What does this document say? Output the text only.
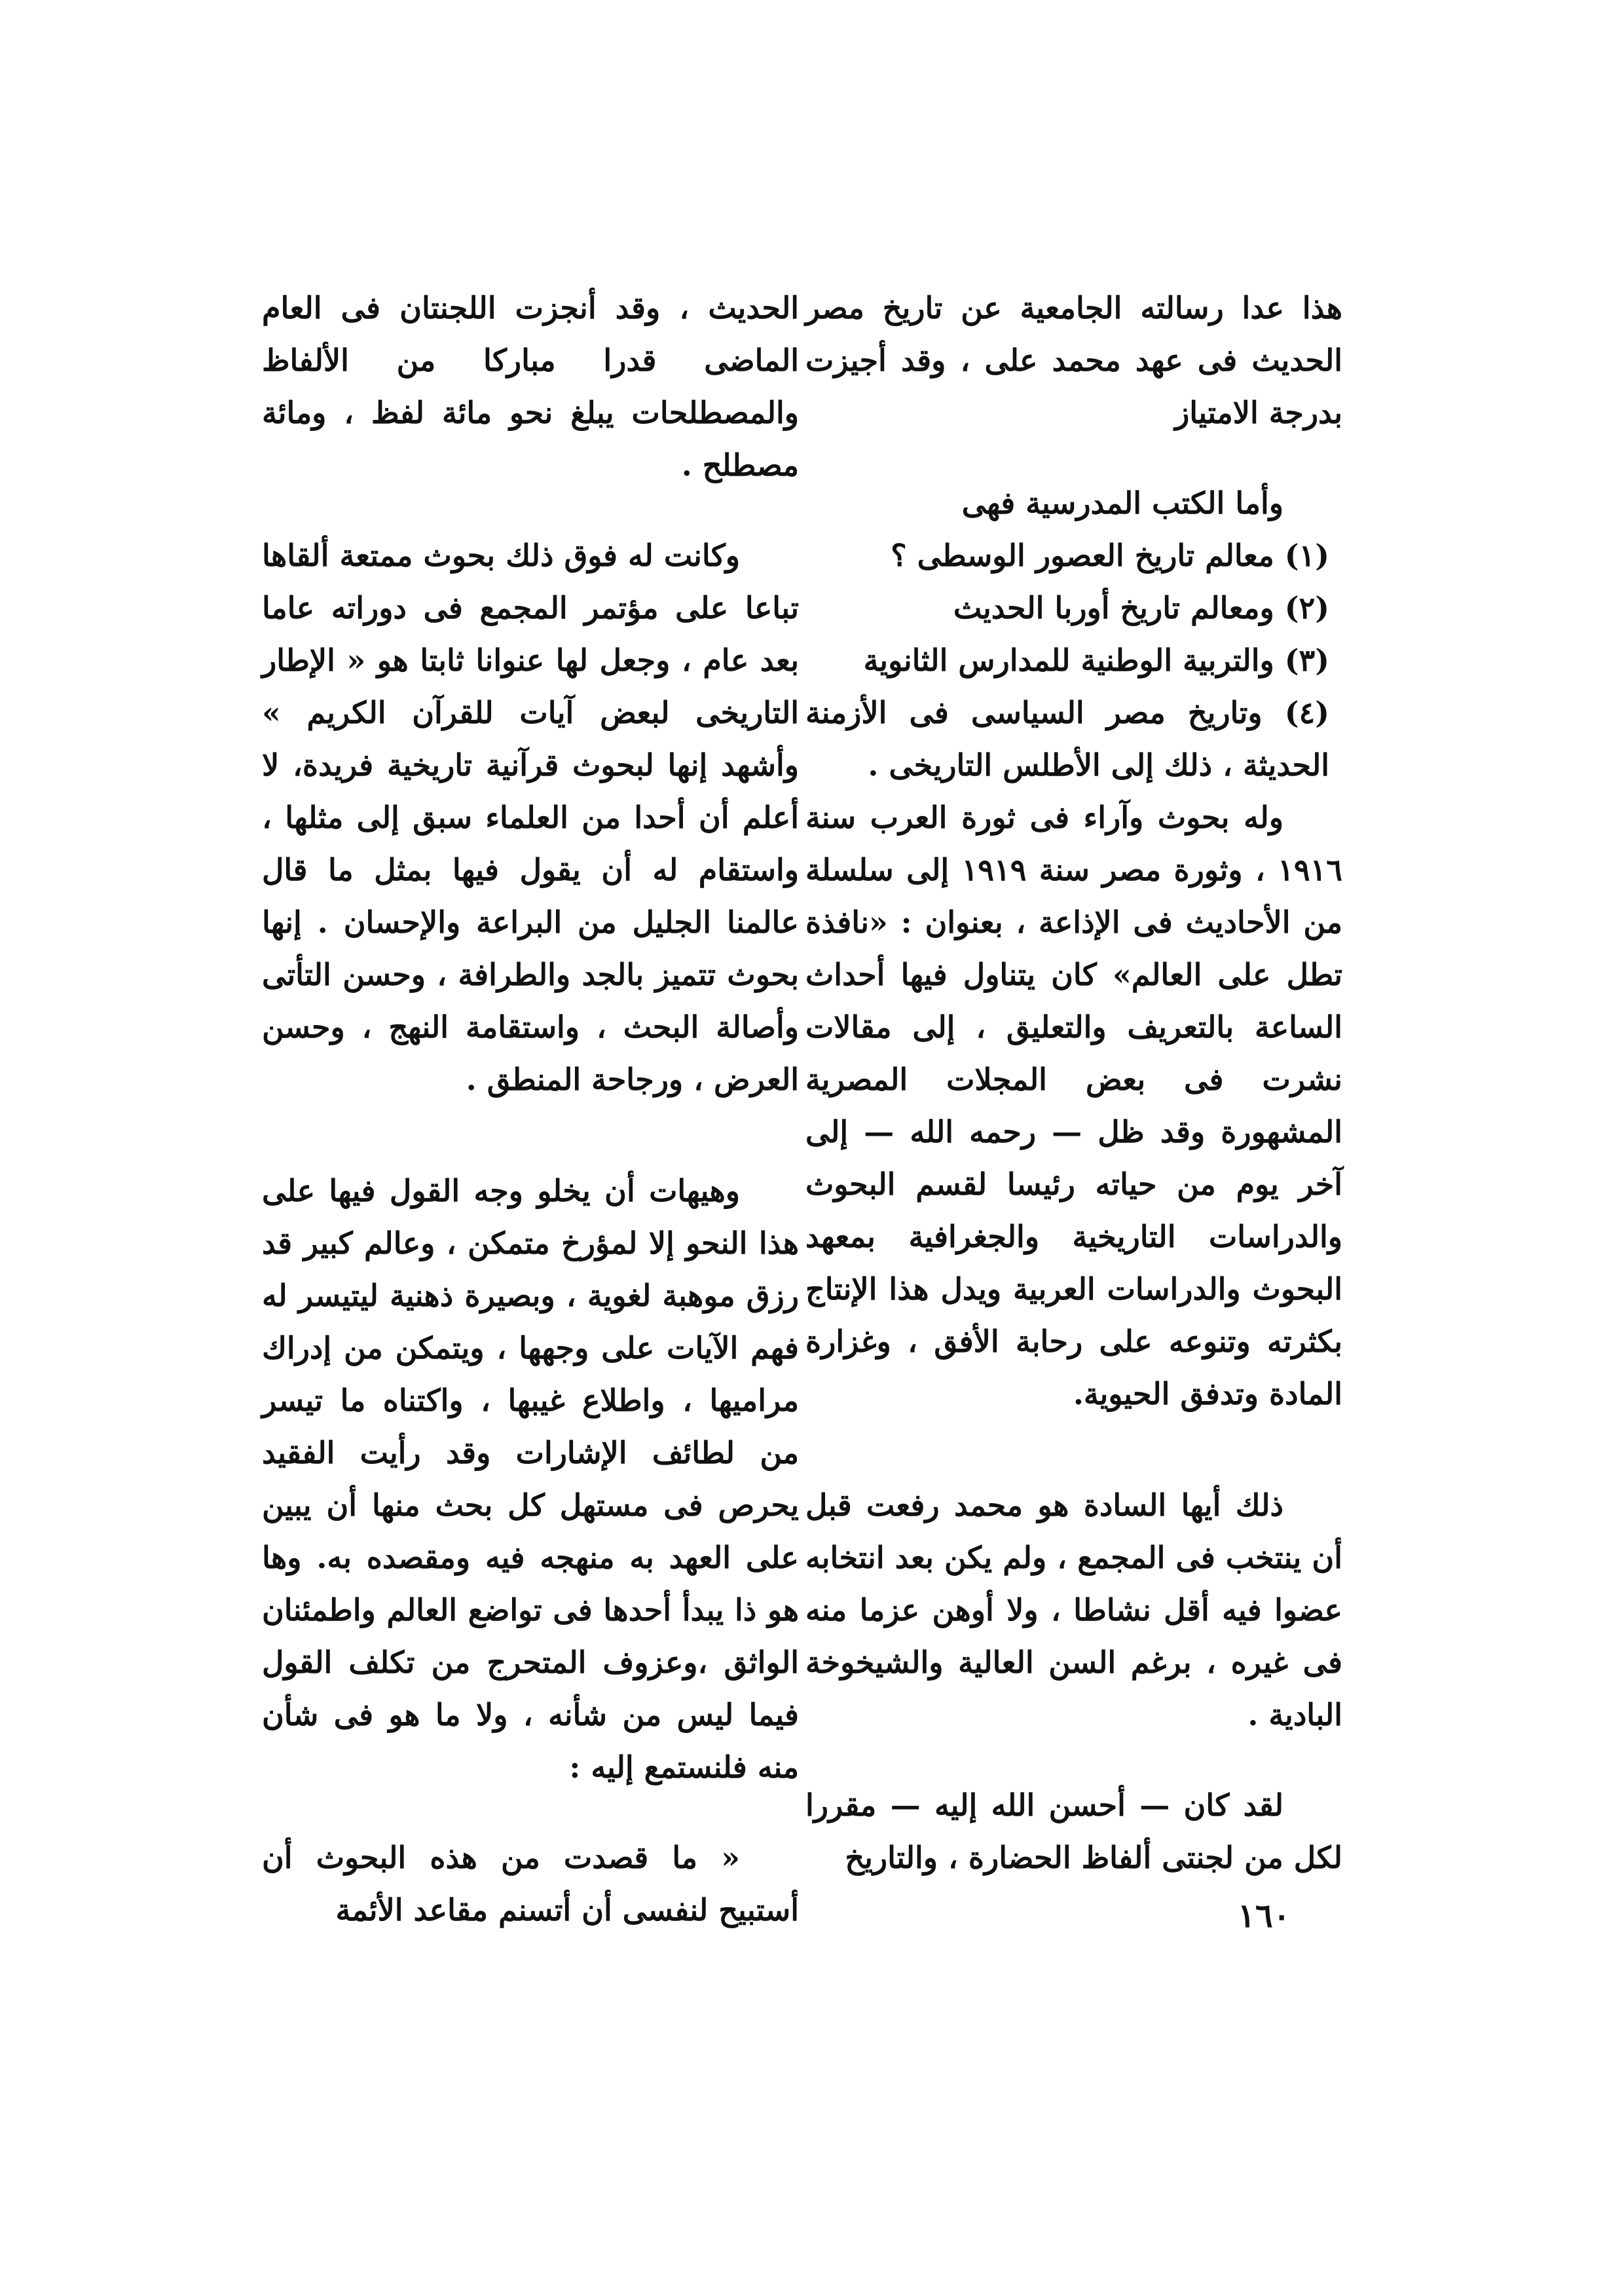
هذا عدا رسالته الجامعية عن تاريخ مصر الحديث فى عهد محمد على ، وقد أجيزت بدرجة الامتياز

وأما الكتب المدرسية فهى

(١) معالم تاريخ العصور الوسطى ؟

(٢) ومعالم تاريخ أوربا الحديث

(٣) والتربية الوطنية للمدارس الثانوية

(٤) وتاريخ مصر السياسى فى الأزمنة الحديثة ، ذلك إلى الأطلس التاريخى .

وله بحوث وآراء فى ثورة العرب سنة ١٩١٦ ، وثورة مصر سنة ١٩١٩ إلى سلسلة من الأحاديث فى الإذاعة ، بعنوان : «نافذة تطل على العالم» كان يتناول فيها أحداث الساعة بالتعريف والتعليق ، إلى مقالات نشرت فى بعض المجلات المصرية المشهورة وقد ظل — رحمه الله — إلى آخر يوم من حياته رئيسا لقسم البحوث والدراسات التاريخية والجغرافية بمعهد البحوث والدراسات العربية ويدل هذا الإنتاج بكثرته وتنوعه على رحابة الأفق ، وغزارة المادة وتدفق الحيوية.

ذلك أيها السادة هو محمد رفعت قبل أن ينتخب فى المجمع ، ولم يكن بعد انتخابه عضوا فيه أقل نشاطا ، ولا أوهن عزما منه فى غيره ، برغم السن العالية والشيخوخة البادية .

لقد كان — أحسن الله إليه — مقررا لكل من لجنتى ألفاظ الحضارة ، والتاريخ

الحديث ، وقد أنجزت اللجنتان فى العام الماضى قدرا مباركا من الألفاظ والمصطلحات يبلغ نحو مائة لفظ ، ومائة مصطلح .

وكانت له فوق ذلك بحوث ممتعة ألقاها تباعا على مؤتمر المجمع فى دوراته عاما بعد عام ، وجعل لها عنوانا ثابتا هو « الإطار التاريخى لبعض آيات للقرآن الكريم » وأشهد إنها لبحوث قرآنية تاريخية فريدة، لا أعلم أن أحدا من العلماء سبق إلى مثلها ، واستقام له أن يقول فيها بمثل ما قال عالمنا الجليل من البراعة والإحسان . إنها بحوث تتميز بالجد والطرافة ، وحسن التأتى وأصالة البحث ، واستقامة النهج ، وحسن العرض ، ورجاحة المنطق .

وهيهات أن يخلو وجه القول فيها على هذا النحو إلا لمؤرخ متمكن ، وعالم كبير قد رزق موهبة لغوية ، وبصيرة ذهنية ليتيسر له فهم الآيات على وجهها ، ويتمكن من إدراك مراميها ، واطلاع غيبها ، واكتناه ما تيسر من لطائف الإشارات وقد رأيت الفقيد يحرص فى مستهل كل بحث منها أن يبين على العهد به منهجه فيه ومقصده به. وها هو ذا يبدأ أحدها فى تواضع العالم واطمئنان الواثق ،وعزوف المتحرج من تكلف القول فيما ليس من شأنه ، ولا ما هو فى شأن منه فلنستمع إليه :

« ما قصدت من هذه البحوث أن أستبيح لنفسى أن أتسنم مقاعد الأئمة	١٦٠
